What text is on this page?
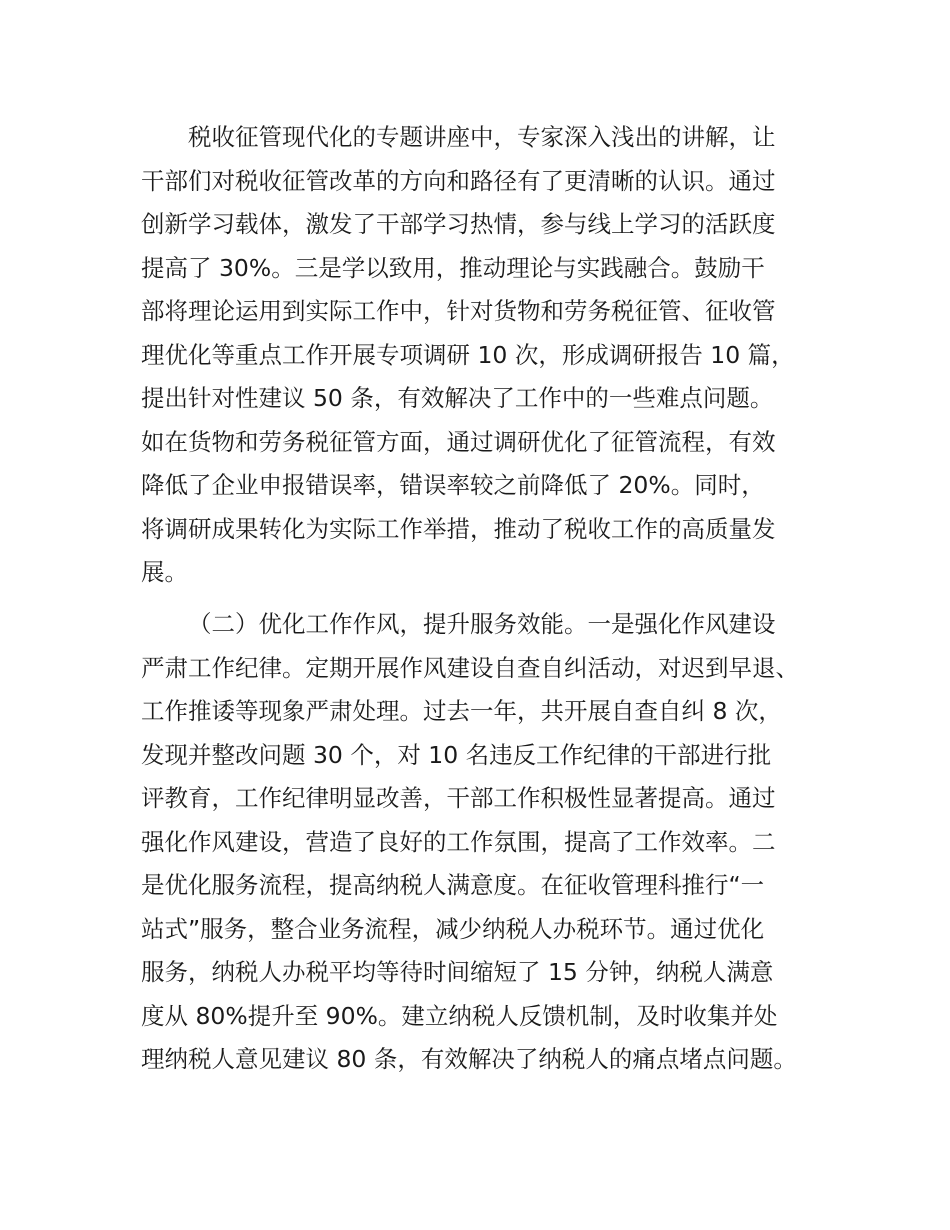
税收征管现代化的专题讲座中，专家深入浅出的讲解，让
干部们对税收征管改革的方向和路径有了更清晰的认识。通过
创新学习载体，激发了干部学习热情，参与线上学习的活跃度
提高了 30%。三是学以致用，推动理论与实践融合。鼓励干
部将理论运用到实际工作中，针对货物和劳务税征管、征收管
理优化等重点工作开展专项调研 10 次，形成调研报告 10 篇，
提出针对性建议 50 条，有效解决了工作中的一些难点问题。
如在货物和劳务税征管方面，通过调研优化了征管流程，有效
降低了企业申报错误率，错误率较之前降低了 20%。同时，
将调研成果转化为实际工作举措，推动了税收工作的高质量发
展。
（二）优化工作作风，提升服务效能。一是强化作风建设
严肃工作纪律。定期开展作风建设自查自纠活动，对迟到早退、
工作推诿等现象严肃处理。过去一年，共开展自查自纠 8 次，
发现并整改问题 30 个，对 10 名违反工作纪律的干部进行批
评教育，工作纪律明显改善，干部工作积极性显著提高。通过
强化作风建设，营造了良好的工作氛围，提高了工作效率。二
是优化服务流程，提高纳税人满意度。在征收管理科推行“一
站式”服务，整合业务流程，减少纳税人办税环节。通过优化
服务，纳税人办税平均等待时间缩短了 15 分钟，纳税人满意
度从 80%提升至 90%。建立纳税人反馈机制，及时收集并处
理纳税人意见建议 80 条，有效解决了纳税人的痛点堵点问题。
